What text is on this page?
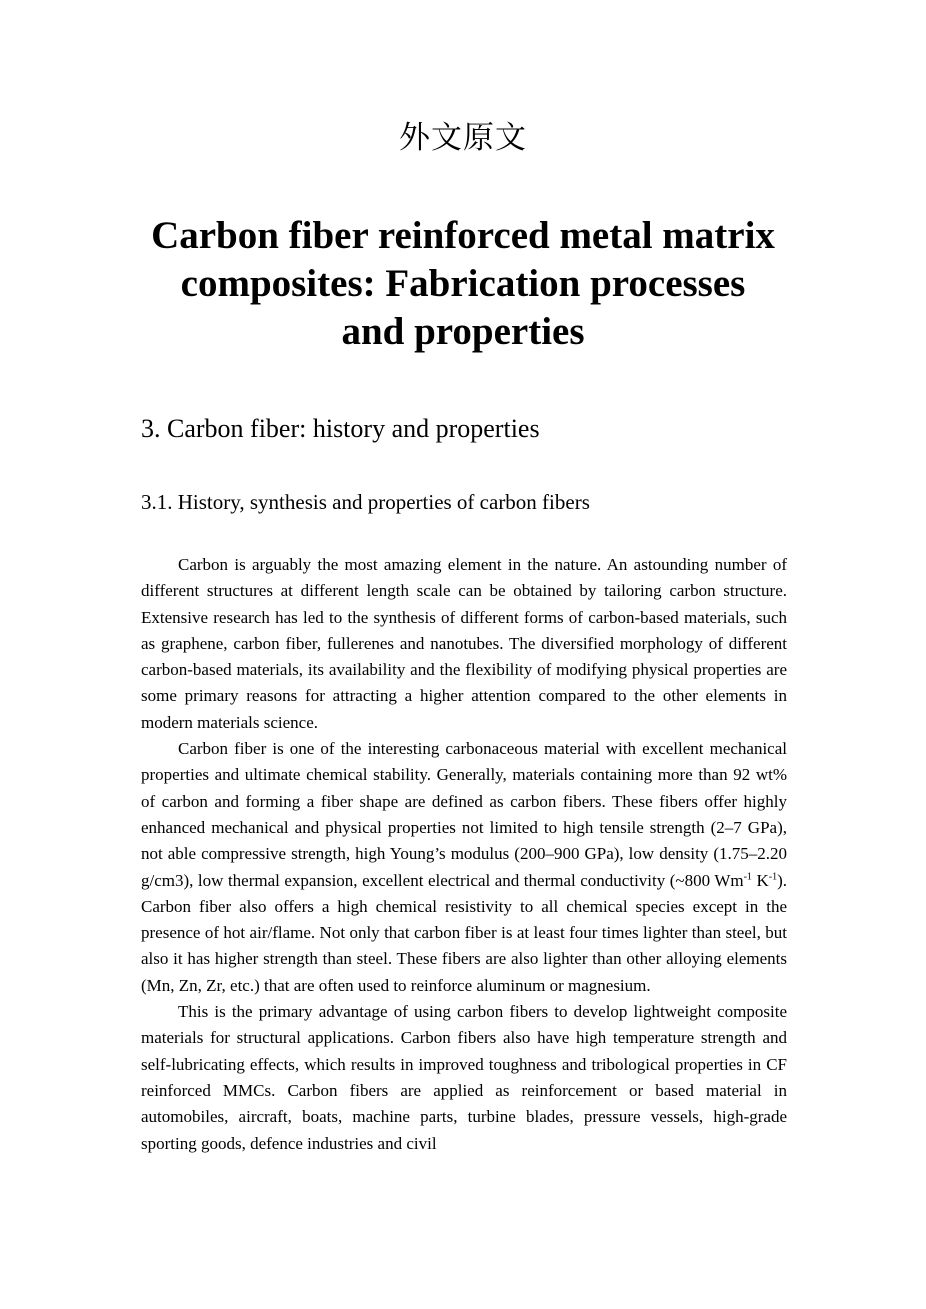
外文原文
Carbon fiber reinforced metal matrix composites: Fabrication processes and properties
3. Carbon fiber: history and properties
3.1. History, synthesis and properties of carbon fibers

Carbon is arguably the most amazing element in the nature. An astounding number of different structures at different length scale can be obtained by tailoring carbon structure. Extensive research has led to the synthesis of different forms of carbon-based materials, such as graphene, carbon fiber, fullerenes and nanotubes. The diversified morphology of different carbon-based materials, its availability and the flexibility of modifying physical properties are some primary reasons for attracting a higher attention compared to the other elements in modern materials science.

Carbon fiber is one of the interesting carbonaceous material with excellent mechanical properties and ultimate chemical stability. Generally, materials containing more than 92 wt% of carbon and forming a fiber shape are defined as carbon fibers. These fibers offer highly enhanced mechanical and physical properties not limited to high tensile strength (2–7 GPa), not able compressive strength, high Young’s modulus (200–900 GPa), low density (1.75–2.20 g/cm3), low thermal expansion, excellent electrical and thermal conductivity (~800 $Wm^{-1}$ $K^{-1}$). Carbon fiber also offers a high chemical resistivity to all chemical species except in the presence of hot air/flame. Not only that carbon fiber is at least four times lighter than steel, but also it has higher strength than steel. These fibers are also lighter than other alloying elements (Mn, Zn, Zr, etc.) that are often used to reinforce aluminum or magnesium.

This is the primary advantage of using carbon fibers to develop lightweight composite materials for structural applications. Carbon fibers also have high temperature strength and self-lubricating effects, which results in improved toughness and tribological properties in CF reinforced MMCs. Carbon fibers are applied as reinforcement or based material in automobiles, aircraft, boats, machine parts, turbine blades, pressure vessels, high-grade sporting goods, defence industries and civil
